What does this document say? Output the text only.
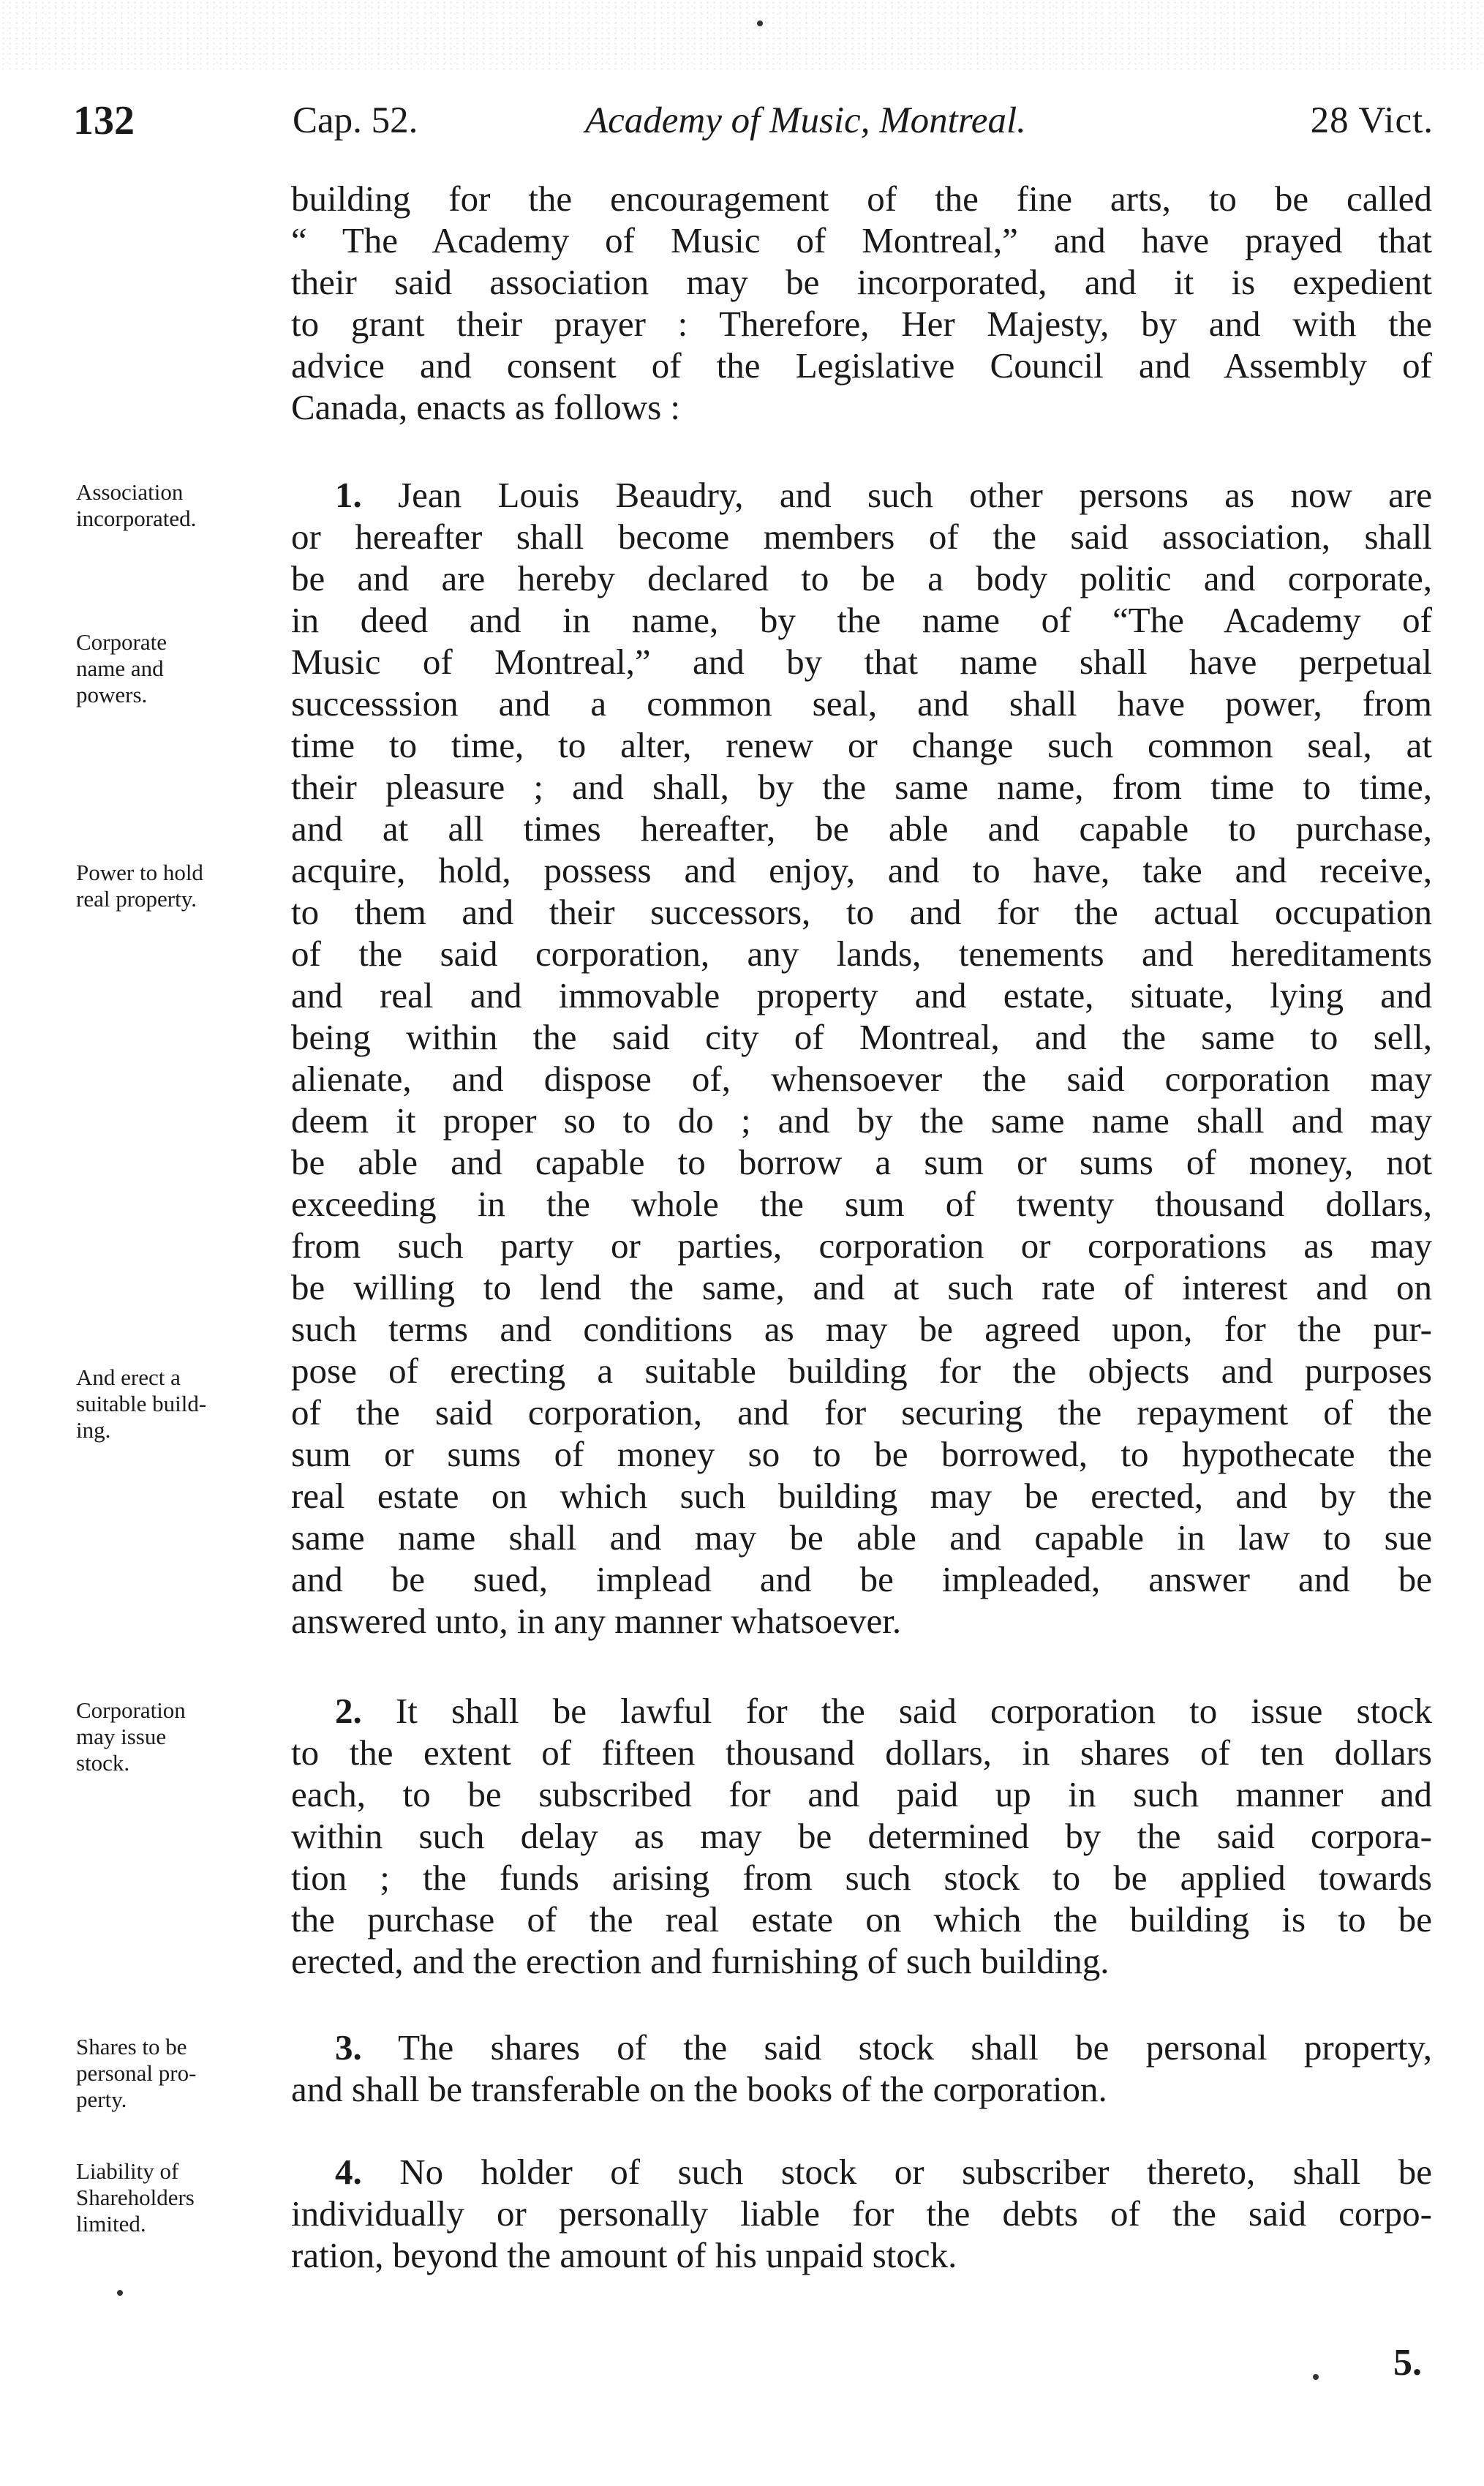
132	Cap. 52.	Academy of Music, Montreal.	28 Vict.
building for the encouragement of the fine arts, to be called
“ The Academy of Music of Montreal,” and have prayed that
their said association may be incorporated, and it is expedient
to grant their prayer : Therefore, Her Majesty, by and with the
advice and consent of the Legislative Council and Assembly of
Canada, enacts as follows :
Association
incorporated.
Corporate
name and
powers.
Power to hold
real property.
And erect a
suitable build-
ing.
Corporation
may issue
stock.
Shares to be
personal pro-
perty.
Liability of
Shareholders
limited.
1. Jean Louis Beaudry, and such other persons as now are
or hereafter shall become members of the said association, shall
be and are hereby declared to be a body politic and corporate,
in deed and in name, by the name of “The Academy of
Music of Montreal,” and by that name shall have perpetual
successsion and a common seal, and shall have power, from
time to time, to alter, renew or change such common seal, at
their pleasure ; and shall, by the same name, from time to time,
and at all times hereafter, be able and capable to purchase,
acquire, hold, possess and enjoy, and to have, take and receive,
to them and their successors, to and for the actual occupation
of the said corporation, any lands, tenements and hereditaments
and real and immovable property and estate, situate, lying and
being within the said city of Montreal, and the same to sell,
alienate, and dispose of, whensoever the said corporation may
deem it proper so to do ; and by the same name shall and may
be able and capable to borrow a sum or sums of money, not
exceeding in the whole the sum of twenty thousand dollars,
from such party or parties, corporation or corporations as may
be willing to lend the same, and at such rate of interest and on
such terms and conditions as may be agreed upon, for the pur-
pose of erecting a suitable building for the objects and purposes
of the said corporation, and for securing the repayment of the
sum or sums of money so to be borrowed, to hypothecate the
real estate on which such building may be erected, and by the
same name shall and may be able and capable in law to sue
and be sued, implead and be impleaded, answer and be
answered unto, in any manner whatsoever.
2. It shall be lawful for the said corporation to issue stock
to the extent of fifteen thousand dollars, in shares of ten dollars
each, to be subscribed for and paid up in such manner and
within such delay as may be determined by the said corpora-
tion ; the funds arising from such stock to be applied towards
the purchase of the real estate on which the building is to be
erected, and the erection and furnishing of such building.
3. The shares of the said stock shall be personal property,
and shall be transferable on the books of the corporation.
4. No holder of such stock or subscriber thereto, shall be
individually or personally liable for the debts of the said corpo-
ration, beyond the amount of his unpaid stock.
5.
